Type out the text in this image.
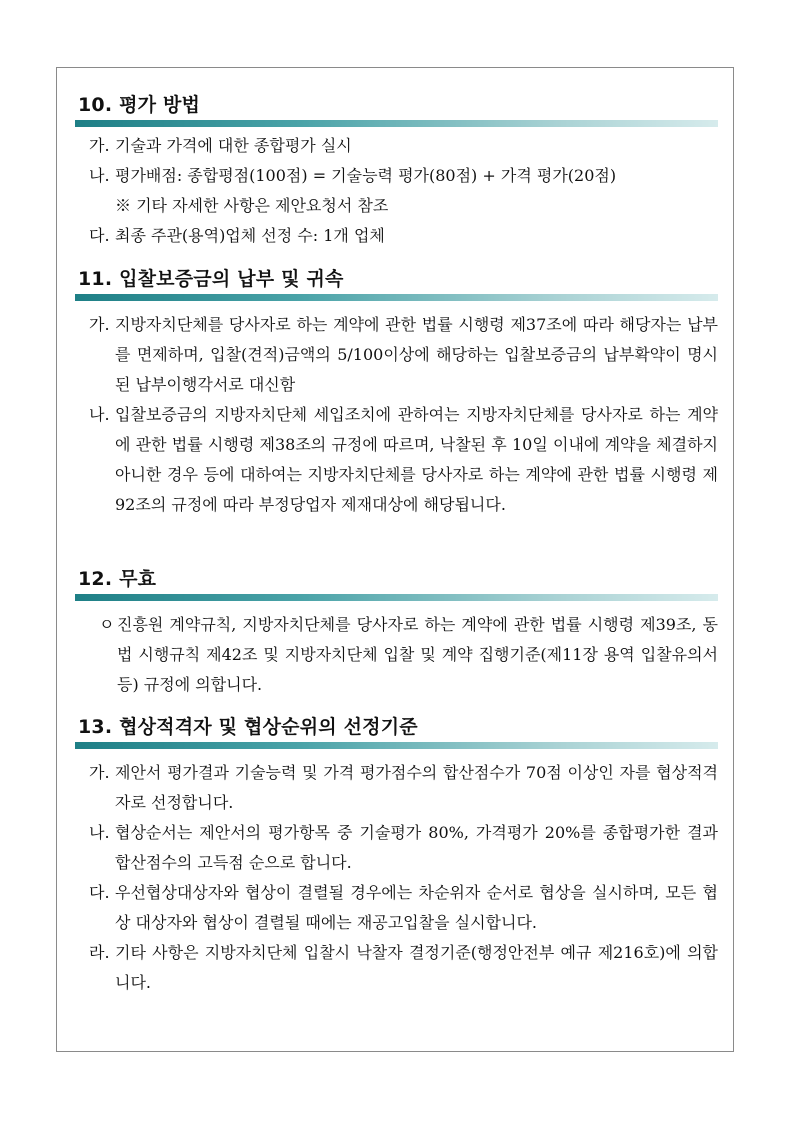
10. 평가 방법
가. 기술과 가격에 대한 종합평가 실시
나. 평가배점: 종합평점(100점) = 기술능력 평가(80점) + 가격 평가(20점)
※ 기타 자세한 사항은 제안요청서 참조
다. 최종 주관(용역)업체 선정 수: 1개 업체
11. 입찰보증금의 납부 및 귀속
가. 지방자치단체를 당사자로 하는 계약에 관한 법률 시행령 제37조에 따라 해당자는 납부를 면제하며, 입찰(견적)금액의 5/100이상에 해당하는 입찰보증금의 납부확약이 명시된 납부이행각서로 대신함
나. 입찰보증금의 지방자치단체 세입조치에 관하여는 지방자치단체를 당사자로 하는 계약에 관한 법률 시행령 제38조의 규정에 따르며, 낙찰된 후 10일 이내에 계약을 체결하지 아니한 경우 등에 대하여는 지방자치단체를 당사자로 하는 계약에 관한 법률 시행령 제92조의 규정에 따라 부정당업자 제재대상에 해당됩니다.
12. 무효
ㅇ 진흥원 계약규칙, 지방자치단체를 당사자로 하는 계약에 관한 법률 시행령 제39조, 동법 시행규칙 제42조 및 지방자치단체 입찰 및 계약 집행기준(제11장 용역 입찰유의서 등) 규정에 의합니다.
13. 협상적격자 및 협상순위의 선정기준
가. 제안서 평가결과 기술능력 및 가격 평가점수의 합산점수가 70점 이상인 자를 협상적격자로 선정합니다.
나. 협상순서는 제안서의 평가항목 중 기술평가 80%, 가격평가 20%를 종합평가한 결과 합산점수의 고득점 순으로 합니다.
다. 우선협상대상자와 협상이 결렬될 경우에는 차순위자 순서로 협상을 실시하며, 모든 협상 대상자와 협상이 결렬될 때에는 재공고입찰을 실시합니다.
라. 기타 사항은 지방자치단체 입찰시 낙찰자 결정기준(행정안전부 예규 제216호)에 의합니다.
